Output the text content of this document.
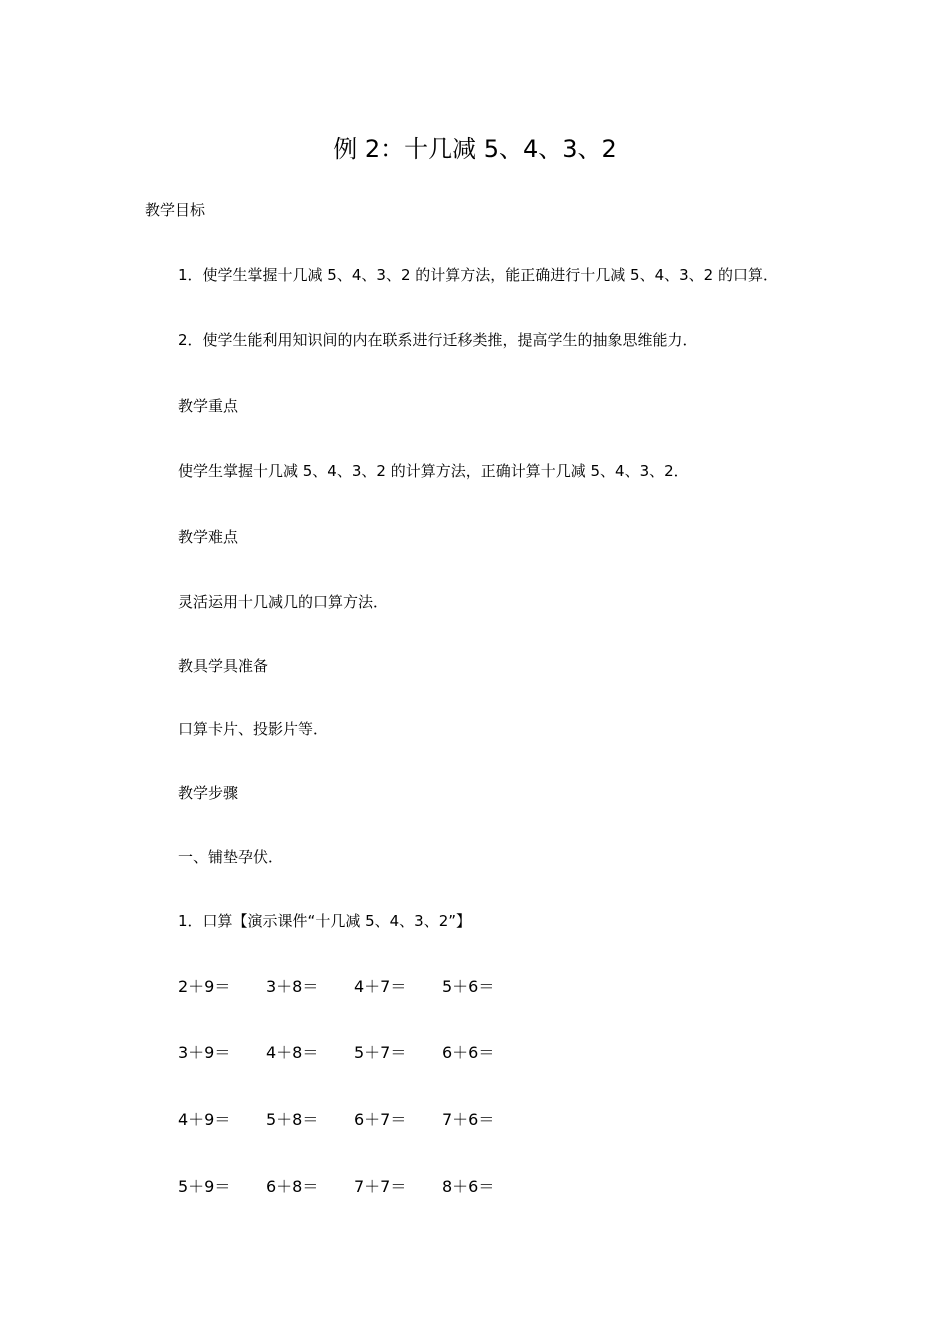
例 2：十几减 5、4、3、2
教学目标
1．使学生掌握十几减 5、4、3、2 的计算方法，能正确进行十几减 5、4、3、2 的口算．
2．使学生能利用知识间的内在联系进行迁移类推，提高学生的抽象思维能力．
教学重点
使学生掌握十几减 5、4、3、2 的计算方法，正确计算十几减 5、4、3、2．
教学难点
灵活运用十几减几的口算方法．
教具学具准备
口算卡片、投影片等．
教学步骤
一、铺垫孕伏．
1．口算【演示课件“十几减 5、4、3、2”】
2＋9＝ 3＋8＝ 4＋7＝ 5＋6＝
3＋9＝ 4＋8＝ 5＋7＝ 6＋6＝
4＋9＝ 5＋8＝ 6＋7＝ 7＋6＝
5＋9＝ 6＋8＝ 7＋7＝ 8＋6＝
